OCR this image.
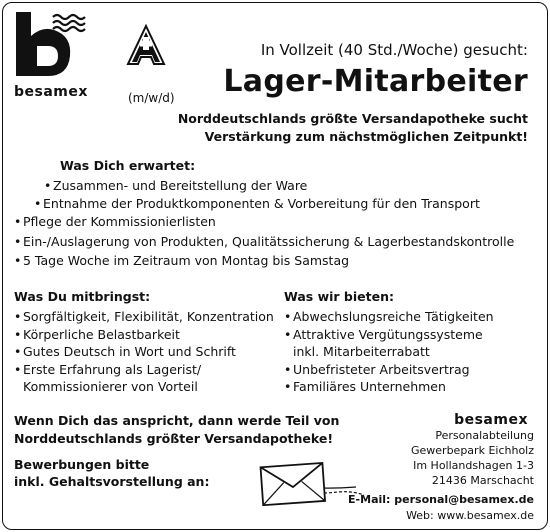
besamex
In Vollzeit (40 Std./Woche) gesucht:
(m/w/d) Lager-Mitarbeiter
Norddeutschlands größte Versandapotheke sucht
Verstärkung zum nächstmöglichen Zeitpunkt!
Was Dich erwartet:
• Zusammen- und Bereitstellung der Ware
• Entnahme der Produktkomponenten & Vorbereitung für den Transport
• Pflege der Kommissionierlisten
• Ein-/Auslagerung von Produkten, Qualitätssicherung & Lagerbestandskontrolle
• 5 Tage Woche im Zeitraum von Montag bis Samstag
Was Du mitbringst:
• Sorgfältigkeit, Flexibilität, Konzentration
• Körperliche Belastbarkeit
• Gutes Deutsch in Wort und Schrift
• Erste Erfahrung als Lagerist/
Kommissionierer von Vorteil
Was wir bieten:
• Abwechslungsreiche Tätigkeiten
• Attraktive Vergütungssysteme
inkl. Mitarbeiterrabatt
• Unbefristeter Arbeitsvertrag
• Familiäres Unternehmen
Wenn Dich das anspricht, dann werde Teil von
Norddeutschlands größter Versandapotheke!
Bewerbungen bitte
inkl. Gehaltsvorstellung an:
besamex
Personalabteilung
Gewerbepark Eichholz
Im Hollandshagen 1-3
21436 Marschacht
E-Mail: personal@besamex.de
Web: www.besamex.de
